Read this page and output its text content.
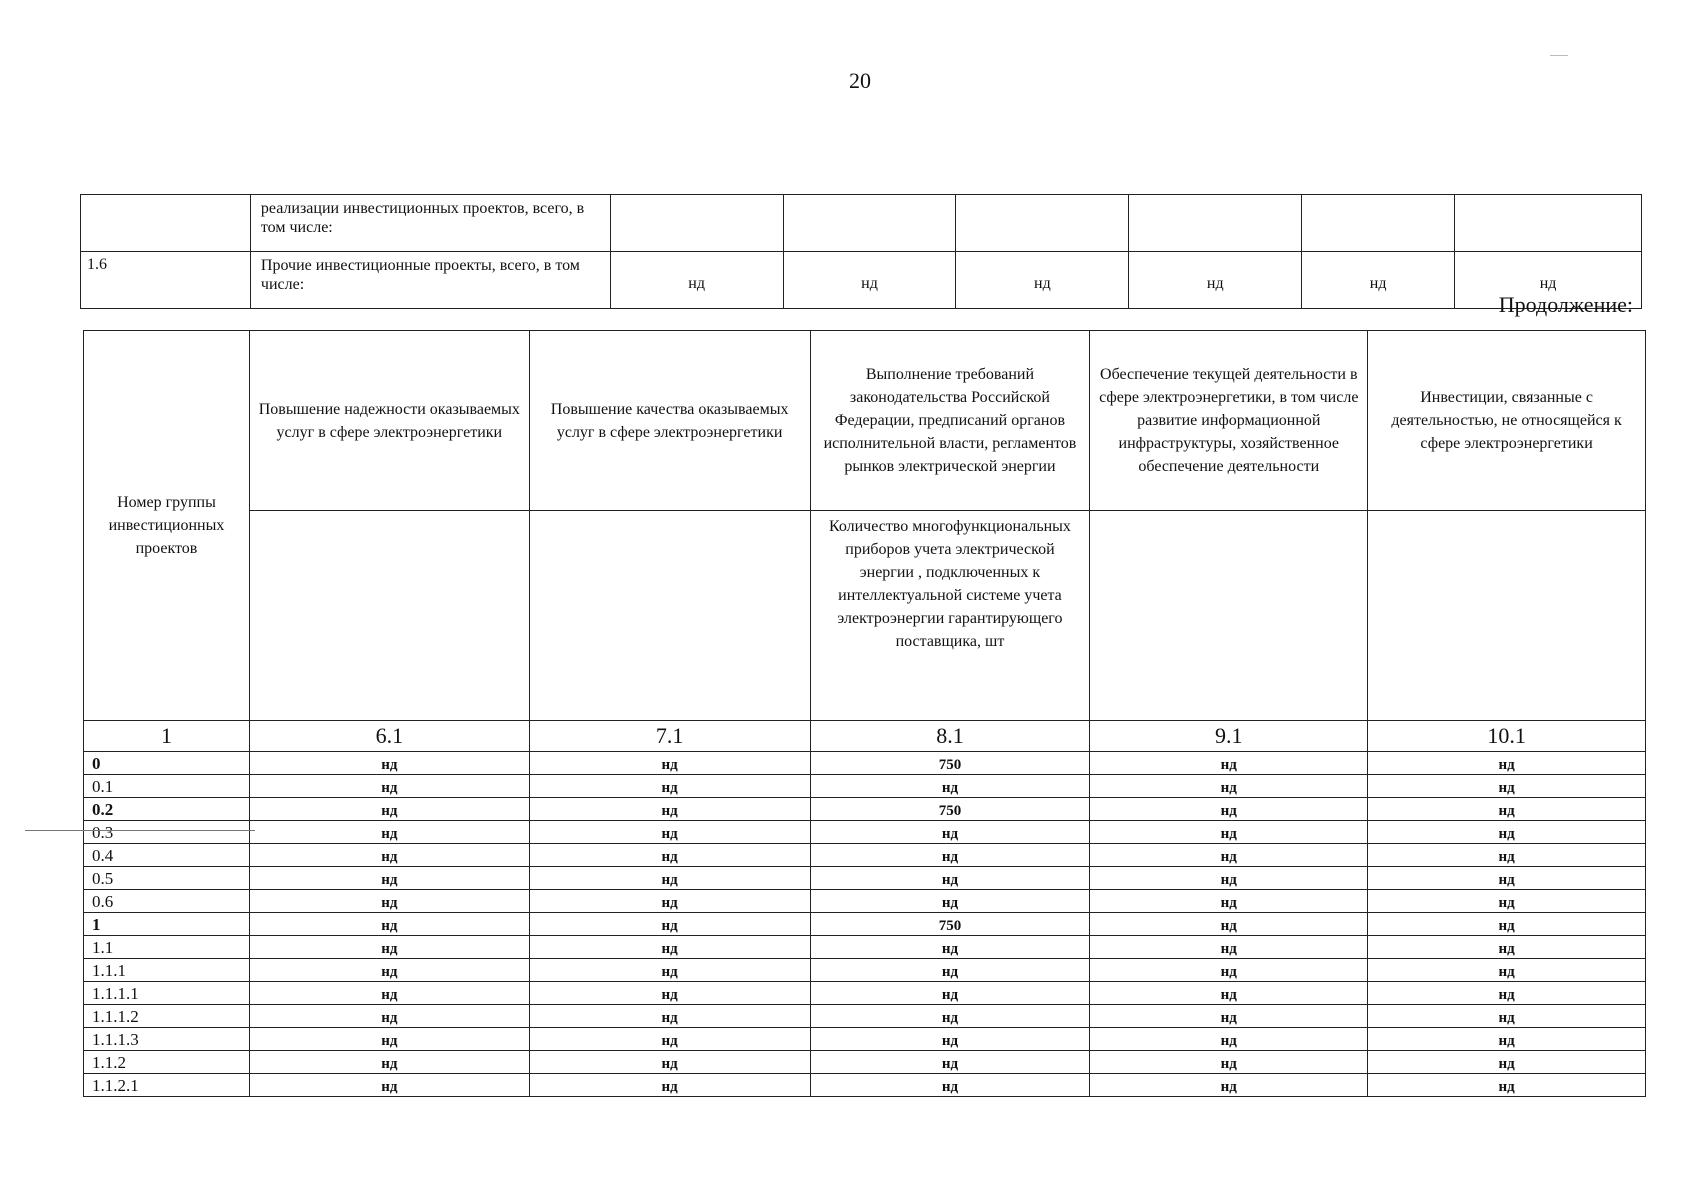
20
	реализации инвестиционных проектов, всего, в том числе:						
1.6	Прочие инвестиционные проекты, всего, в том числе:	нд	нд	нд	нд	нд	нд
Продолжение:
Номер группы инвестиционных проектов	Повышение надежности оказываемых услуг в сфере электроэнергетики	Повышение качества оказываемых услуг в сфере электроэнергетики	Выполнение требований законодательства Российской Федерации, предписаний органов исполнительной власти, регламентов рынков электрической энергии	Обеспечение текущей деятельности в сфере электроэнергетики, в том числе развитие информационной инфраструктуры, хозяйственное обеспечение деятельности	Инвестиции, связанные с деятельностью, не относящейся к сфере электроэнергетики
			Количество многофункциональных приборов учета электрической энергии , подключенных к интеллектуальной системе учета электроэнергии гарантирующего поставщика, шт		
1	6.1	7.1	8.1	9.1	10.1
0	нд	нд	750	нд	нд
0.1	нд	нд	нд	нд	нд
0.2	нд	нд	750	нд	нд
0.3	нд	нд	нд	нд	нд
0.4	нд	нд	нд	нд	нд
0.5	нд	нд	нд	нд	нд
0.6	нд	нд	нд	нд	нд
1	нд	нд	750	нд	нд
1.1	нд	нд	нд	нд	нд
1.1.1	нд	нд	нд	нд	нд
1.1.1.1	нд	нд	нд	нд	нд
1.1.1.2	нд	нд	нд	нд	нд
1.1.1.3	нд	нд	нд	нд	нд
1.1.2	нд	нд	нд	нд	нд
1.1.2.1	нд	нд	нд	нд	нд
